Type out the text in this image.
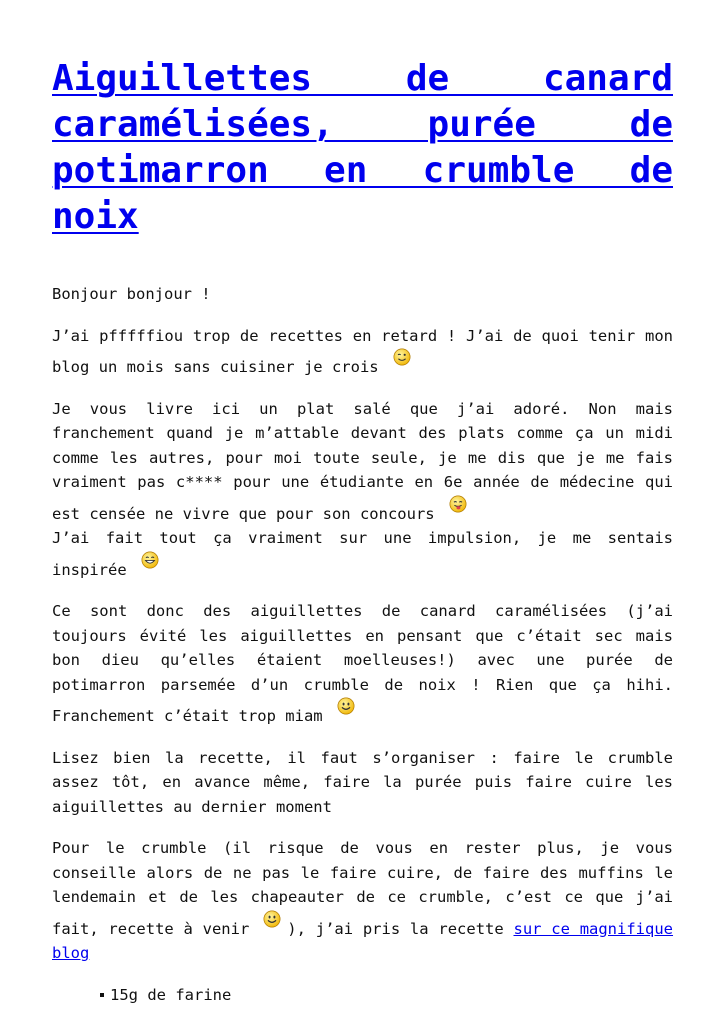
Aiguillettes de canard caramélisées, purée de potimarron en crumble de noix

Bonjour bonjour !

J’ai pfffffiou trop de recettes en retard ! J’ai de quoi tenir mon blog un mois sans cuisiner je crois

Je vous livre ici un plat salé que j’ai adoré. Non mais franchement quand je m’attable devant des plats comme ça un midi comme les autres, pour moi toute seule, je me dis que je me fais vraiment pas c**** pour une étudiante en 6e année de médecine qui est censée ne vivre que pour son concours
J’ai fait tout ça vraiment sur une impulsion, je me sentais inspirée

Ce sont donc des aiguillettes de canard caramélisées (j’ai toujours évité les aiguillettes en pensant que c’était sec mais bon dieu qu’elles étaient moelleuses!) avec une purée de potimarron parsemée d’un crumble de noix ! Rien que ça hihi. Franchement c’était trop miam

Lisez bien la recette, il faut s’organiser : faire le crumble assez tôt, en avance même, faire la purée puis faire cuire les aiguillettes au dernier moment

Pour le crumble (il risque de vous en rester plus, je vous conseille alors de ne pas le faire cuire, de faire des muffins le lendemain et de les chapeauter de ce crumble, c’est ce que j’ai fait, recette à venir ), j’ai pris la recette sur ce magnifique blog

15g de farine
